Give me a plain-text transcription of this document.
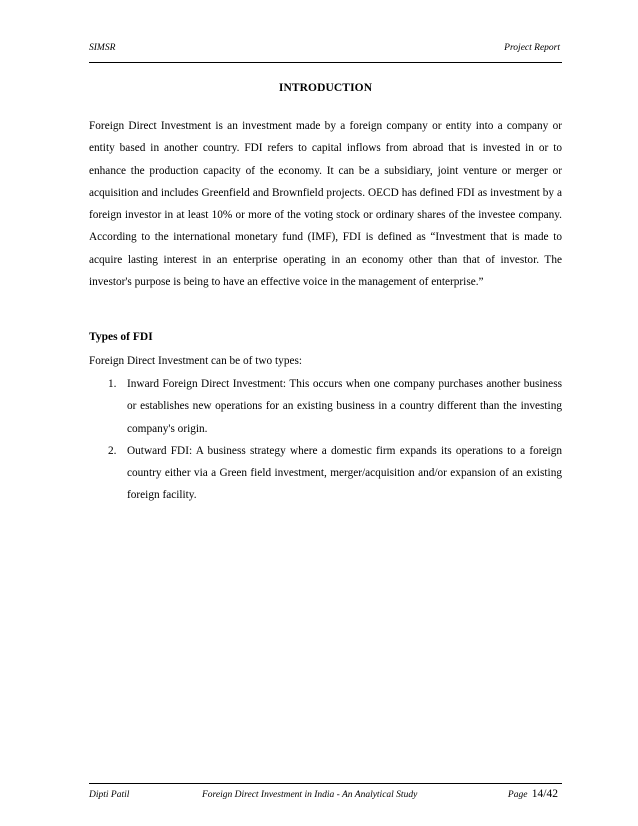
SIMSR	Project Report
INTRODUCTION

Foreign Direct Investment is an investment made by a foreign company or entity into a company or entity based in another country. FDI refers to capital inflows from abroad that is invested in or to enhance the production capacity of the economy. It can be a subsidiary, joint venture or merger or acquisition and includes Greenfield and Brownfield projects. OECD has defined FDI as investment by a foreign investor in at least 10% or more of the voting stock or ordinary shares of the investee company. According to the international monetary fund (IMF), FDI is defined as “Investment that is made to acquire lasting interest in an enterprise operating in an economy other than that of investor. The investor's purpose is being to have an effective voice in the management of enterprise.”

Types of FDI

Foreign Direct Investment can be of two types:

1. Inward Foreign Direct Investment: This occurs when one company purchases another business or establishes new operations for an existing business in a country different than the investing company's origin.
2. Outward FDI: A business strategy where a domestic firm expands its operations to a foreign country either via a Green field investment, merger/acquisition and/or expansion of an existing foreign facility.
Dipti Patil	Foreign Direct Investment in India - An Analytical Study	Page 14/42
